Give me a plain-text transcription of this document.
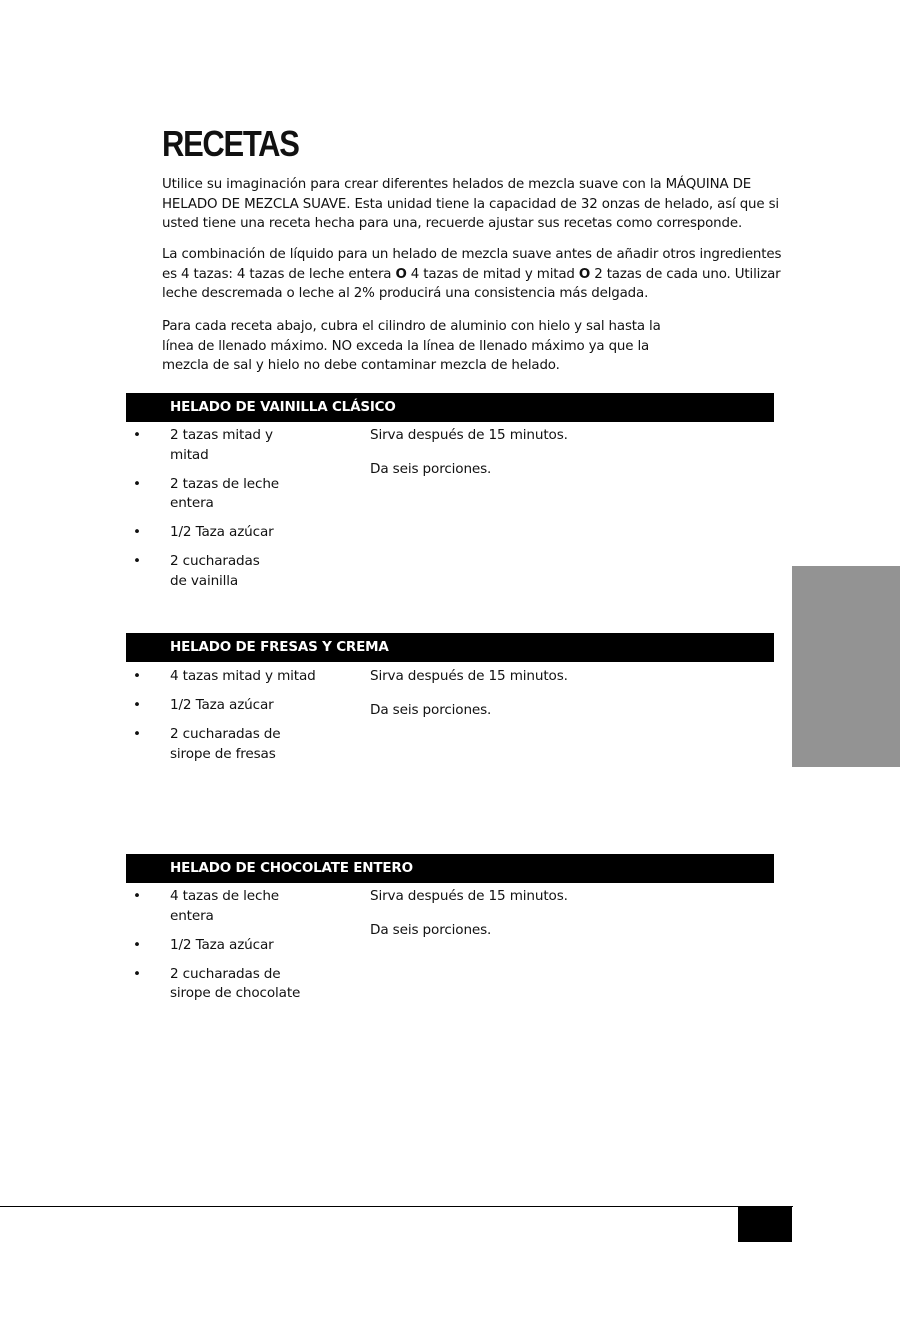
RECETAS

Utilice su imaginación para crear diferentes helados de mezcla suave con la MÁQUINA DE HELADO DE MEZCLA SUAVE. Esta unidad tiene la capacidad de 32 onzas de helado, así que si usted tiene una receta hecha para una, recuerde ajustar sus recetas como corresponde.

La combinación de líquido para un helado de mezcla suave antes de añadir otros ingredientes es 4 tazas: 4 tazas de leche entera O 4 tazas de mitad y mitad O 2 tazas de cada uno. Utilizar leche descremada o leche al 2% producirá una consistencia más delgada.

Para cada receta abajo, cubra el cilindro de aluminio con hielo y sal hasta la línea de llenado máximo. NO exceda la línea de llenado máximo ya que la mezcla de sal y hielo no debe contaminar mezcla de helado.

HELADO DE VAINILLA CLÁSICO
• 2 tazas mitad y mitad
• 2 tazas de leche entera
• 1/2 Taza azúcar
• 2 cucharadas de vainilla

Sirva después de 15 minutos.

Da seis porciones.

HELADO DE FRESAS Y CREMA
• 4 tazas mitad y mitad
• 1/2 Taza azúcar
• 2 cucharadas de sirope de fresas

Sirva después de 15 minutos.

Da seis porciones.

HELADO DE CHOCOLATE ENTERO
• 4 tazas de leche entera
• 1/2 Taza azúcar
• 2 cucharadas de sirope de chocolate

Sirva después de 15 minutos.

Da seis porciones.
